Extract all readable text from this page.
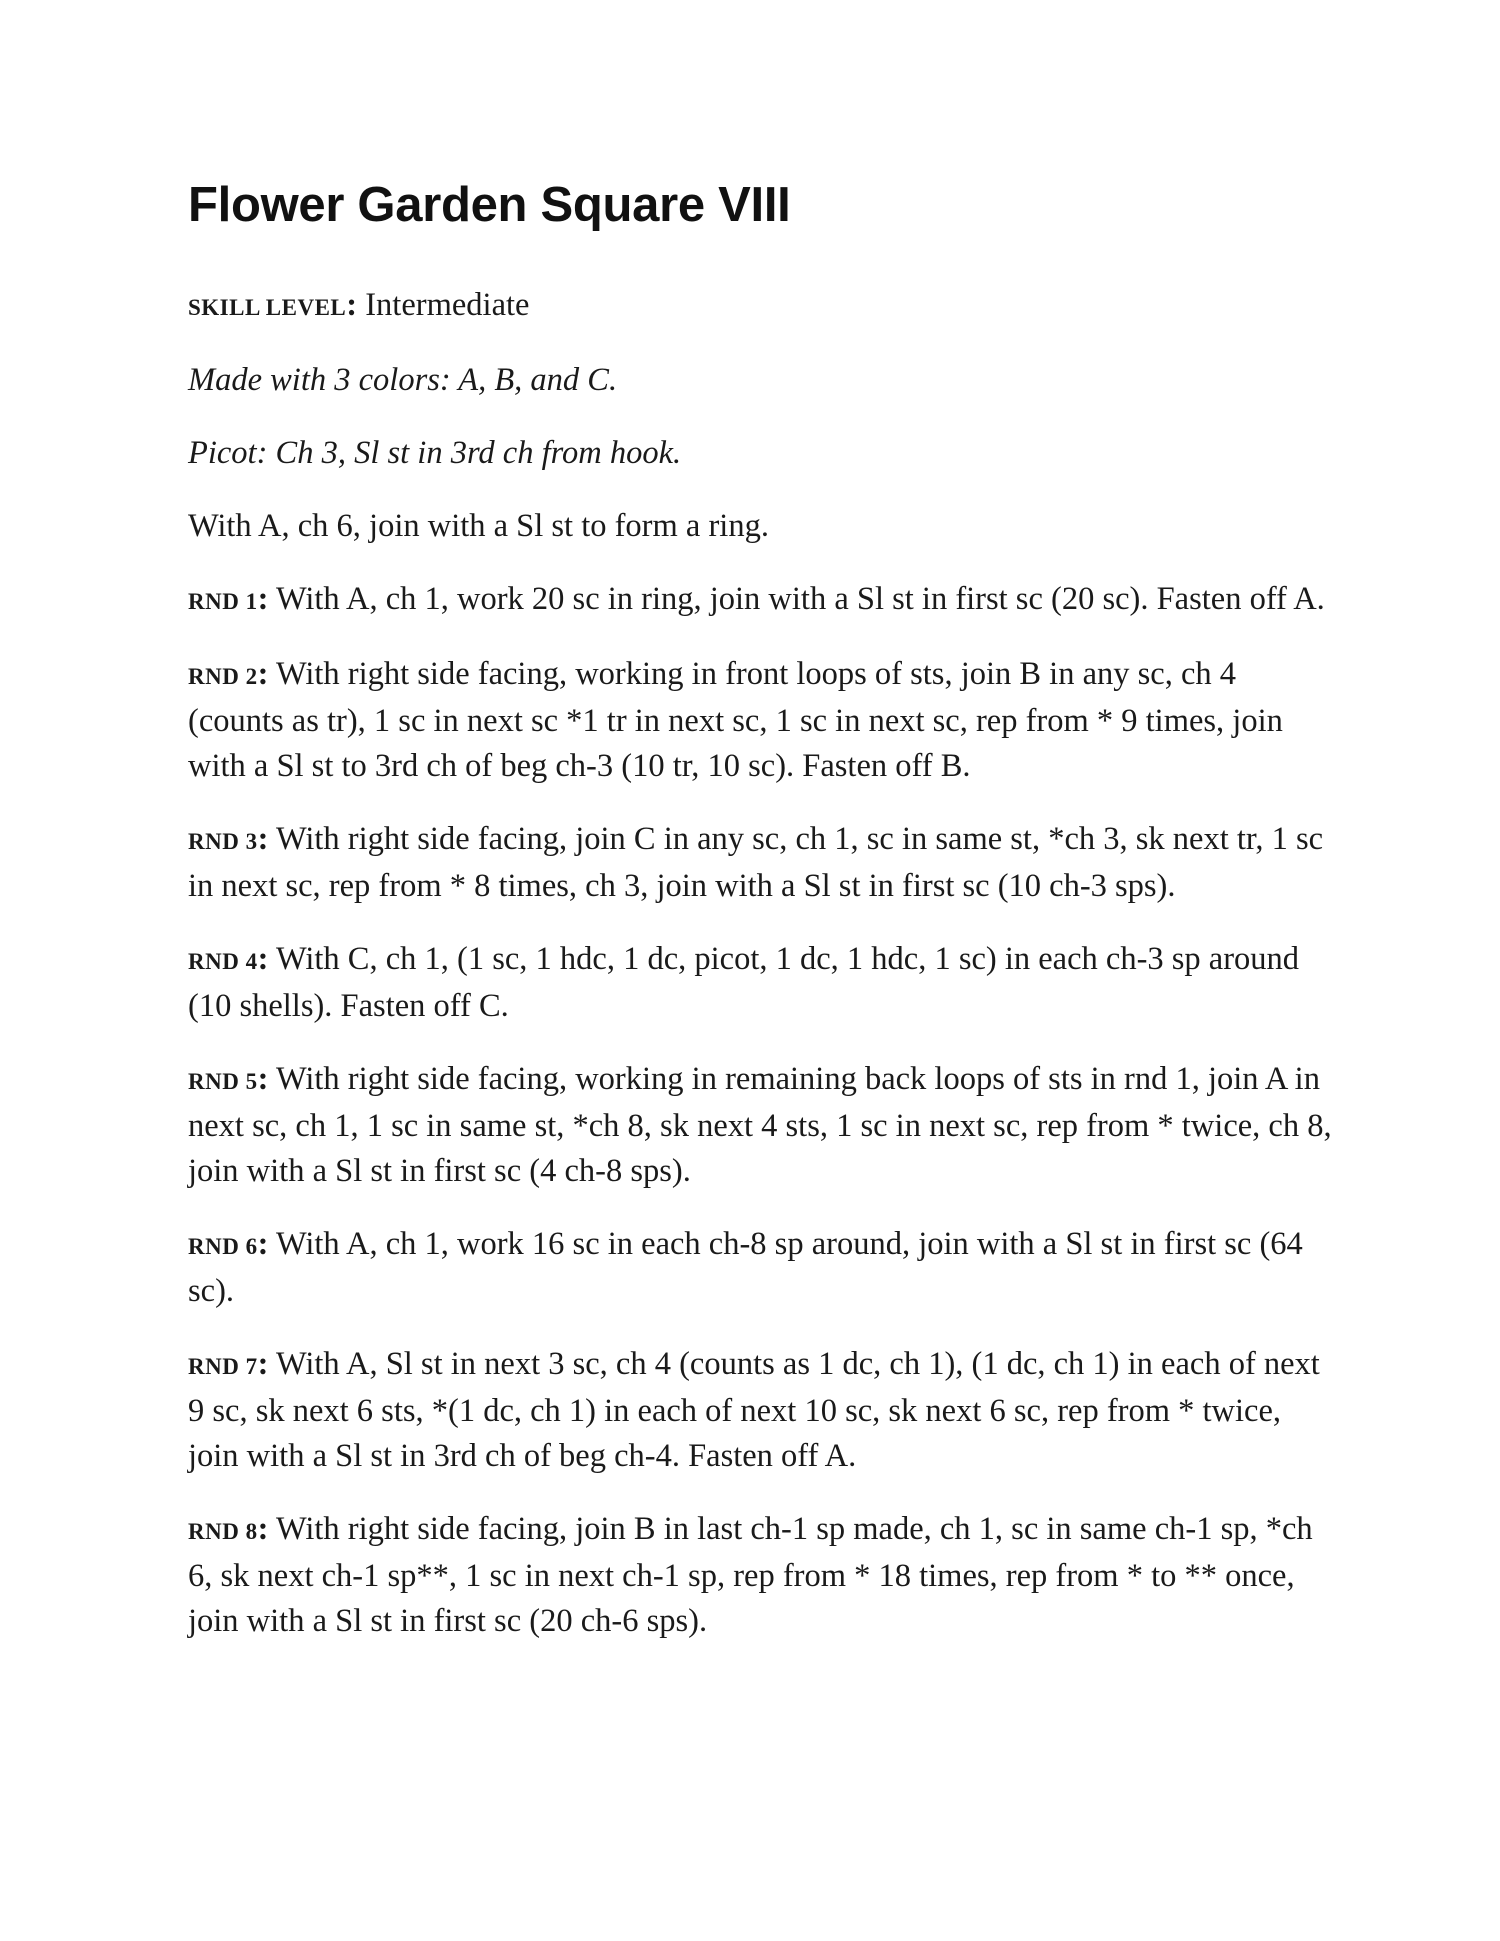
Flower Garden Square VIII

SKILL LEVEL: Intermediate

Made with 3 colors: A, B, and C.

Picot: Ch 3, Sl st in 3rd ch from hook.

With A, ch 6, join with a Sl st to form a ring.

RND 1: With A, ch 1, work 20 sc in ring, join with a Sl st in first sc (20 sc). Fasten off A.

RND 2: With right side facing, working in front loops of sts, join B in any sc, ch 4 (counts as tr), 1 sc in next sc *1 tr in next sc, 1 sc in next sc, rep from * 9 times, join with a Sl st to 3rd ch of beg ch-3 (10 tr, 10 sc). Fasten off B.

RND 3: With right side facing, join C in any sc, ch 1, sc in same st, *ch 3, sk next tr, 1 sc in next sc, rep from * 8 times, ch 3, join with a Sl st in first sc (10 ch-3 sps).

RND 4: With C, ch 1, (1 sc, 1 hdc, 1 dc, picot, 1 dc, 1 hdc, 1 sc) in each ch-3 sp around (10 shells). Fasten off C.

RND 5: With right side facing, working in remaining back loops of sts in rnd 1, join A in next sc, ch 1, 1 sc in same st, *ch 8, sk next 4 sts, 1 sc in next sc, rep from * twice, ch 8, join with a Sl st in first sc (4 ch-8 sps).

RND 6: With A, ch 1, work 16 sc in each ch-8 sp around, join with a Sl st in first sc (64 sc).

RND 7: With A, Sl st in next 3 sc, ch 4 (counts as 1 dc, ch 1), (1 dc, ch 1) in each of next 9 sc, sk next 6 sts, *(1 dc, ch 1) in each of next 10 sc, sk next 6 sc, rep from * twice, join with a Sl st in 3rd ch of beg ch-4. Fasten off A.

RND 8: With right side facing, join B in last ch-1 sp made, ch 1, sc in same ch-1 sp, *ch 6, sk next ch-1 sp**, 1 sc in next ch-1 sp, rep from * 18 times, rep from * to ** once, join with a Sl st in first sc (20 ch-6 sps).
